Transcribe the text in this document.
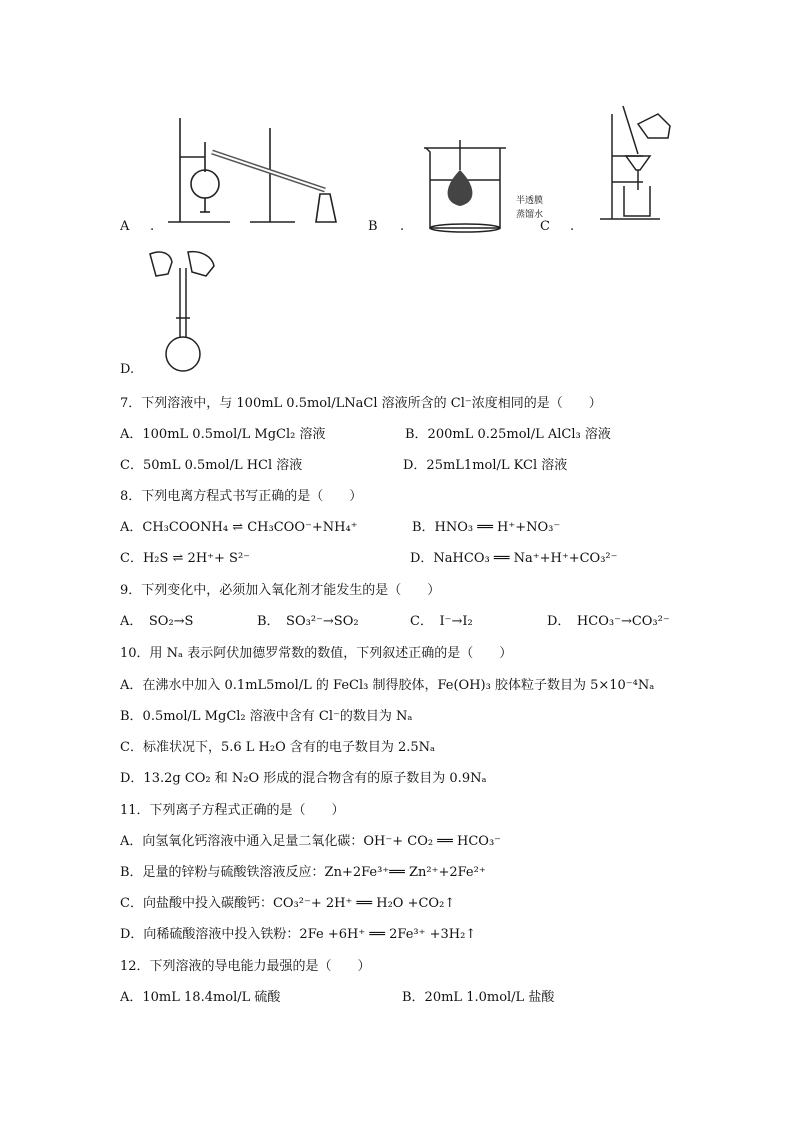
A .
半透膜
蒸馏水
B .	C .
D .
7．下列溶液中，与 100mL 0.5mol/LNaCl 溶液所含的 Cl⁻浓度相同的是（　　）
A．100mL 0.5mol/L MgCl₂ 溶液	B．200mL 0.25mol/L AlCl₃ 溶液
C．50mL 0.5mol/L HCl 溶液	D．25mL1mol/L KCl 溶液
8．下列电离方程式书写正确的是（　　）
A．CH₃COONH₄ ⇌ CH₃COO⁻+NH₄⁺	B．HNO₃ ══ H⁺+NO₃⁻
C．H₂S ⇌ 2H⁺+ S²⁻	D．NaHCO₃ ══ Na⁺+H⁺+CO₃²⁻
9．下列变化中，必须加入氧化剂才能发生的是（　　）
A．　SO₂→S	B．　SO₃²⁻→SO₂	C．　I⁻→I₂	D．　HCO₃⁻→CO₃²⁻
10．用 Nₐ 表示阿伏加德罗常数的数值，下列叙述正确的是（　　）
A．在沸水中加入 0.1mL5mol/L 的 FeCl₃ 制得胶体，Fe(OH)₃ 胶体粒子数目为 5×10⁻⁴Nₐ
B．0.5mol/L MgCl₂ 溶液中含有 Cl⁻的数目为 Nₐ
C．标准状况下，5.6 L H₂O 含有的电子数目为 2.5Nₐ
D．13.2g CO₂ 和 N₂O 形成的混合物含有的原子数目为 0.9Nₐ
11．下列离子方程式正确的是（　　）
A．向氢氧化钙溶液中通入足量二氧化碳：OH⁻+ CO₂ ══ HCO₃⁻
B．足量的锌粉与硫酸铁溶液反应：Zn+2Fe³⁺══ Zn²⁺+2Fe²⁺
C．向盐酸中投入碳酸钙：CO₃²⁻+ 2H⁺ ══ H₂O +CO₂↑
D．向稀硫酸溶液中投入铁粉：2Fe +6H⁺ ══ 2Fe³⁺ +3H₂↑
12．下列溶液的导电能力最强的是（　　）
A．10mL 18.4mol/L 硫酸	B．20mL 1.0mol/L 盐酸
